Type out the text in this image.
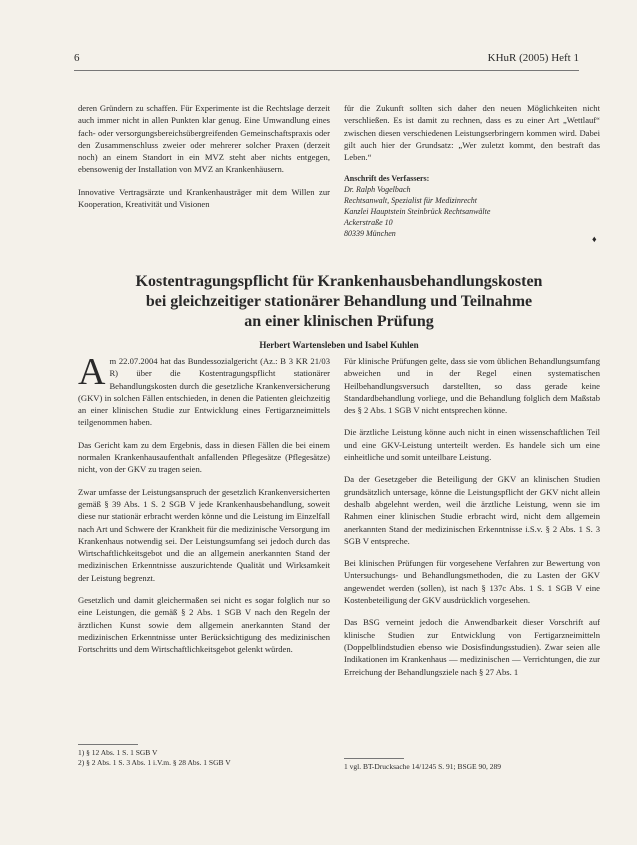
6	KHuR (2005) Heft 1

deren Gründern zu schaffen. Für Experimente ist die Rechtslage derzeit auch immer nicht in allen Punkten klar genug. Eine Umwandlung eines fach- oder versorgungsbereichsübergreifenden Gemeinschaftspraxis oder den Zusammenschluss zweier oder mehrerer solcher Praxen (derzeit noch) an einem Standort in ein MVZ steht aber nichts entgegen, ebensowenig der Installation von MVZ an Krankenhäusern.

Innovative Vertragsärzte und Krankenhausträger mit dem Willen zur Kooperation, Kreativität und Visionen

für die Zukunft sollten sich daher den neuen Möglichkeiten nicht verschließen. Es ist damit zu rechnen, dass es zu einer Art „Wettlauf“ zwischen diesen verschiedenen Leistungserbringern kommen wird. Dabei gilt auch hier der Grundsatz: „Wer zuletzt kommt, den bestraft das Leben.“

Anschrift des Verfassers:
Dr. Ralph Vogelbach
Rechtsanwalt, Spezialist für Medizinrecht
Kanzlei Hauptstein Steinbrück Rechtsanwälte
Ackerstraße 10
80339 München
♦
Kostentragungspflicht für Krankenhausbehandlungskosten
bei gleichzeitiger stationärer Behandlung und Teilnahme
an einer klinischen Prüfung
Herbert Wartensleben und Isabel Kuhlen

A m 22.07.2004 hat das Bundessozialgericht (Az.: B 3 KR 21/03 R) über die Kostentragungspflicht stationärer Behandlungskosten durch die gesetzliche Krankenversicherung (GKV) in solchen Fällen entschieden, in denen die Patienten gleichzeitig an einer klinischen Studie zur Entwicklung eines Fertigarzneimittels teilgenommen haben.

Das Gericht kam zu dem Ergebnis, dass in diesen Fällen die bei einem normalen Krankenhausaufenthalt anfallenden Pflegesätze (Pflegesätze) nicht, von der GKV zu tragen seien.

Zwar umfasse der Leistungsanspruch der gesetzlich Krankenversicherten gemäß § 39 Abs. 1 S. 2 SGB V jede Krankenhausbehandlung, soweit diese nur stationär erbracht werden könne und die Leistung im Einzelfall nach Art und Schwere der Krankheit für die medizinische Versorgung im Krankenhaus notwendig sei. Der Leistungsumfang sei jedoch durch das Wirtschaftlichkeitsgebot und die an allgemein anerkannten Stand der medizinischen Erkenntnisse auszurichtende Qualität und Wirksamkeit der Leistung begrenzt.

Gesetzlich und damit gleichermaßen sei nicht es sogar folglich nur so eine Leistungen, die gemäß § 2 Abs. 1 SGB V nach den Regeln der ärztlichen Kunst sowie dem allgemein anerkannten Stand der medizinischen Erkenntnisse unter Berücksichtigung des medizinischen Fortschritts und dem Wirtschaftlichkeitsgebot gelenkt würden.

Für klinische Prüfungen gelte, dass sie vom üblichen Behandlungsumfang abweichen und in der Regel einen systematischen Heilbehandlungsversuch darstellten, so dass gerade keine Standardbehandlung vorliege, und die Behandlung folglich dem Maßstab des § 2 Abs. 1 SGB V nicht entsprechen könne.

Die ärztliche Leistung könne auch nicht in einen wissenschaftlichen Teil und eine GKV-Leistung unterteilt werden. Es handele sich um eine einheitliche und somit unteilbare Leistung.

Da der Gesetzgeber die Beteiligung der GKV an klinischen Studien grundsätzlich untersage, könne die Leistungspflicht der GKV nicht allein deshalb abgelehnt werden, weil die ärztliche Leistung, wenn sie im Rahmen einer klinischen Studie erbracht wird, nicht dem allgemein anerkannten Stand der medizinischen Erkenntnisse i.S.v. § 2 Abs. 1 S. 3 SGB V entspreche.

Bei klinischen Prüfungen für vorgesehene Verfahren zur Bewertung von Untersuchungs- und Behandlungsmethoden, die zu Lasten der GKV angewendet werden (sollen), ist nach § 137c Abs. 1 S. 1 SGB V eine Kostenbeteiligung der GKV ausdrücklich vorgesehen.

Das BSG verneint jedoch die Anwendbarkeit dieser Vorschrift auf klinische Studien zur Entwicklung von Fertigarzneimitteln (Doppelblindstudien ebenso wie Dosisfindungsstudien). Zwar seien alle Indikationen im Krankenhaus — medizinischen — Verrichtungen, die zur Erreichung der Behandlungsziele nach § 27 Abs. 1

1) § 12 Abs. 1 S. 1 SGB V
2) § 2 Abs. 1 S. 3 Abs. 1 i.V.m. § 28 Abs. 1 SGB V	1 vgl. BT-Drucksache 14/1245 S. 91; BSGE 90, 289
